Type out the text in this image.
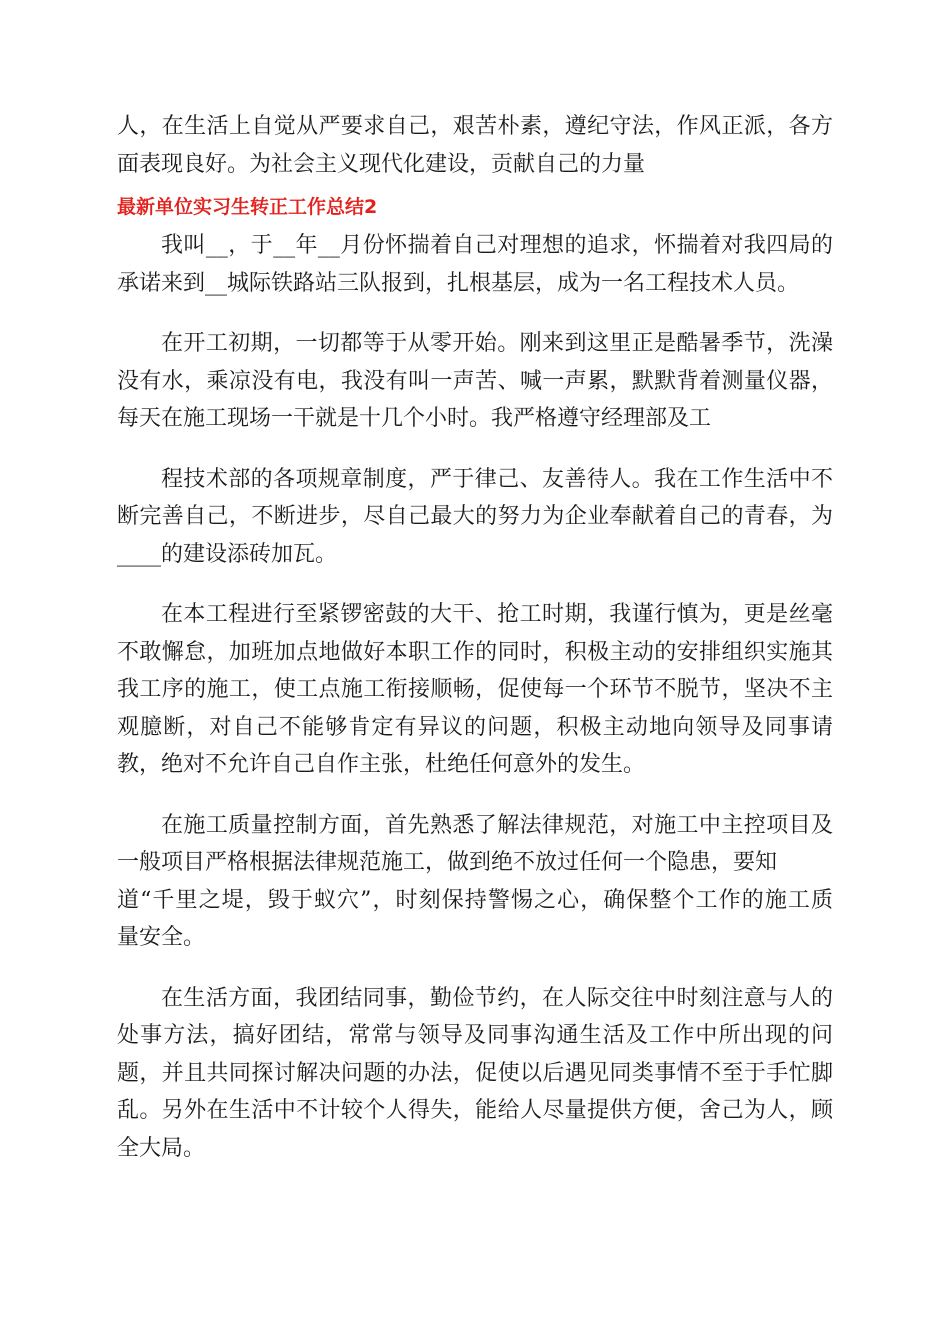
人，在生活上自觉从严要求自己，艰苦朴素，遵纪守法，作风正派，各方
面表现良好。为社会主义现代化建设，贡献自己的力量
最新单位实习生转正工作总结2
我叫__，于__年__月份怀揣着自己对理想的追求，怀揣着对我四局的
承诺来到__城际铁路站三队报到，扎根基层，成为一名工程技术人员。
在开工初期，一切都等于从零开始。刚来到这里正是酷暑季节，洗澡
没有水，乘凉没有电，我没有叫一声苦、喊一声累，默默背着测量仪器，
每天在施工现场一干就是十几个小时。我严格遵守经理部及工
程技术部的各项规章制度，严于律己、友善待人。我在工作生活中不
断完善自己，不断进步，尽自己最大的努力为企业奉献着自己的青春，为
____的建设添砖加瓦。
在本工程进行至紧锣密鼓的大干、抢工时期，我谨行慎为，更是丝毫
不敢懈怠，加班加点地做好本职工作的同时，积极主动的安排组织实施其
我工序的施工，使工点施工衔接顺畅，促使每一个环节不脱节，坚决不主
观臆断，对自己不能够肯定有异议的问题，积极主动地向领导及同事请
教，绝对不允许自己自作主张，杜绝任何意外的发生。
在施工质量控制方面，首先熟悉了解法律规范，对施工中主控项目及
一般项目严格根据法律规范施工，做到绝不放过任何一个隐患，要知
道“千里之堤，毁于蚁穴”，时刻保持警惕之心，确保整个工作的施工质
量安全。
在生活方面，我团结同事，勤俭节约，在人际交往中时刻注意与人的
处事方法，搞好团结，常常与领导及同事沟通生活及工作中所出现的问
题，并且共同探讨解决问题的办法，促使以后遇见同类事情不至于手忙脚
乱。另外在生活中不计较个人得失，能给人尽量提供方便，舍己为人，顾
全大局。
